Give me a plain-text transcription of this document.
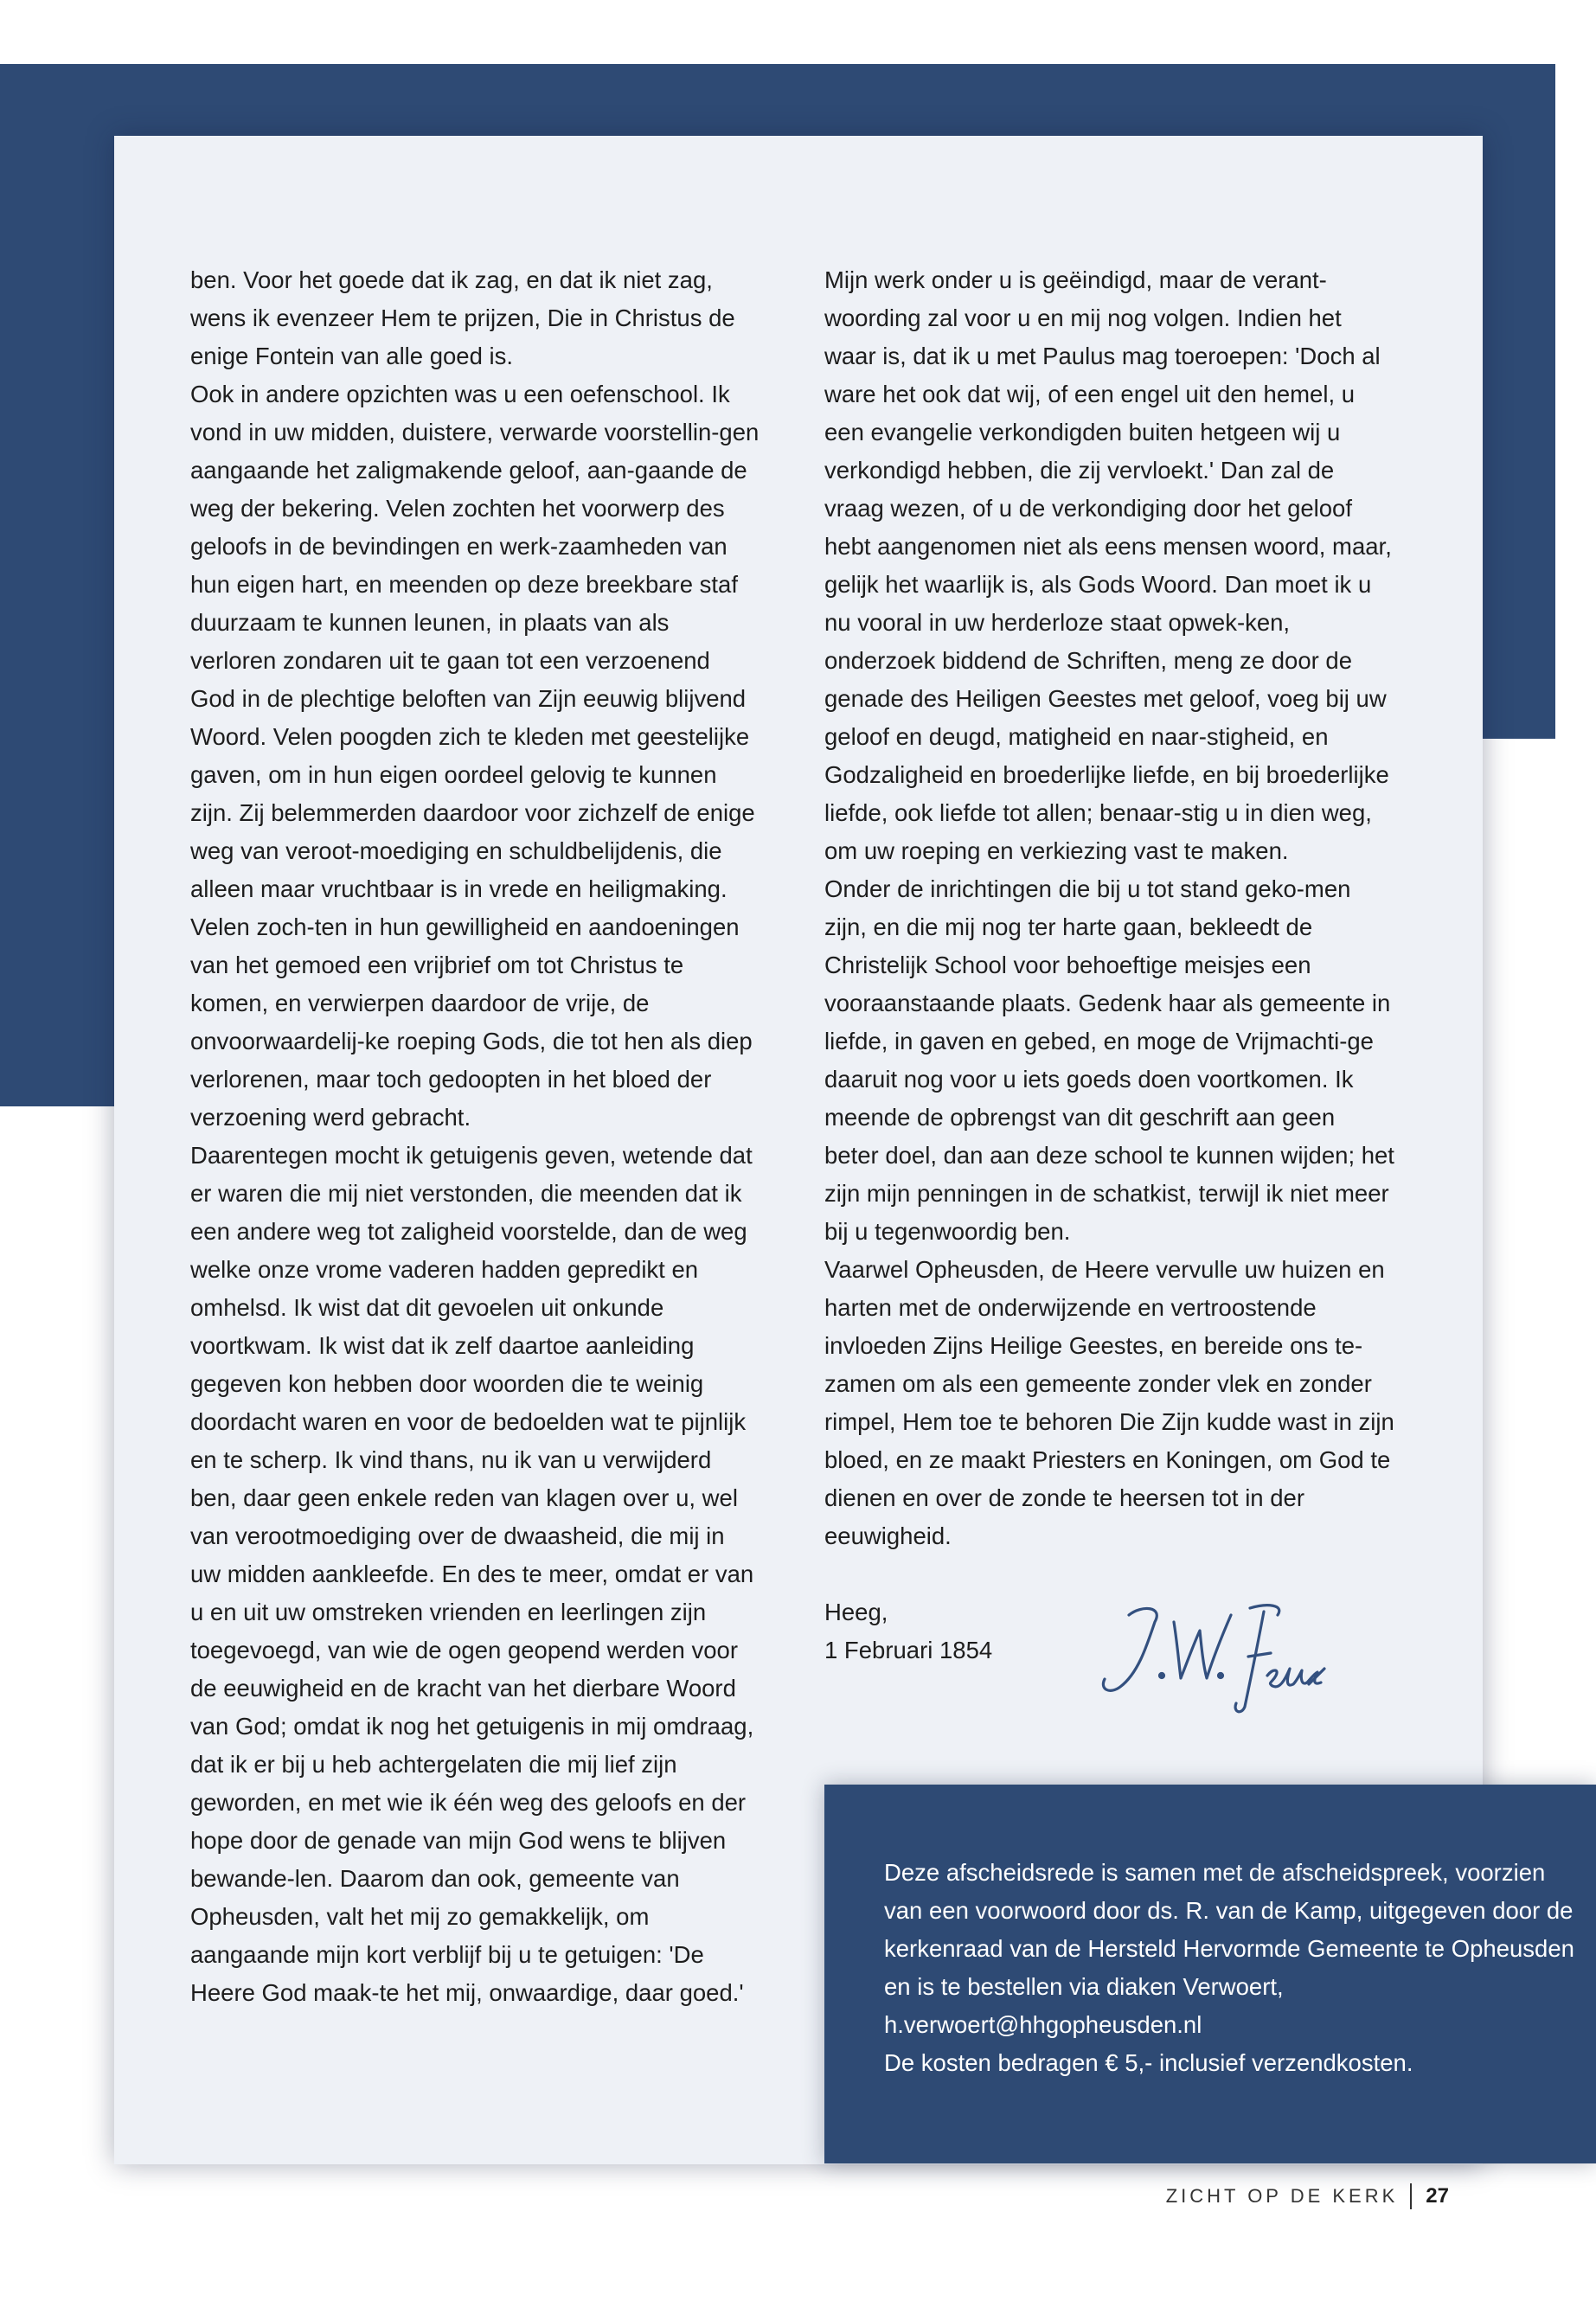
ben. Voor het goede dat ik zag, en dat ik niet zag, wens ik evenzeer Hem te prijzen, Die in Christus de enige Fontein van alle goed is.

Ook in andere opzichten was u een oefenschool. Ik vond in uw midden, duistere, verwarde voorstellin-gen aangaande het zaligmakende geloof, aan-gaande de weg der bekering. Velen zochten het voorwerp des geloofs in de bevindingen en werk-zaamheden van hun eigen hart, en meenden op deze breekbare staf duurzaam te kunnen leunen, in plaats van als verloren zondaren uit te gaan tot een verzoenend God in de plechtige beloften van Zijn eeuwig blijvend Woord. Velen poogden zich te kleden met geestelijke gaven, om in hun eigen oordeel gelovig te kunnen zijn. Zij belemmerden daardoor voor zichzelf de enige weg van veroot-moediging en schuldbelijdenis, die alleen maar vruchtbaar is in vrede en heiligmaking. Velen zoch-ten in hun gewilligheid en aandoeningen van het gemoed een vrijbrief om tot Christus te komen, en verwierpen daardoor de vrije, de onvoorwaardelij-ke roeping Gods, die tot hen als diep verlorenen, maar toch gedoopten in het bloed der verzoening werd gebracht.

Daarentegen mocht ik getuigenis geven, wetende dat er waren die mij niet verstonden, die meenden dat ik een andere weg tot zaligheid voorstelde, dan de weg welke onze vrome vaderen hadden gepredikt en omhelsd. Ik wist dat dit gevoelen uit onkunde voortkwam. Ik wist dat ik zelf daartoe aanleiding gegeven kon hebben door woorden die te weinig doordacht waren en voor de bedoelden wat te pijnlijk en te scherp. Ik vind thans, nu ik van u verwijderd ben, daar geen enkele reden van klagen over u, wel van verootmoediging over de dwaasheid, die mij in uw midden aankleefde. En des te meer, omdat er van u en uit uw omstreken vrienden en leerlingen zijn toegevoegd, van wie de ogen geopend werden voor de eeuwigheid en de kracht van het dierbare Woord van God; omdat ik nog het getuigenis in mij omdraag, dat ik er bij u heb achtergelaten die mij lief zijn geworden, en met wie ik één weg des geloofs en der hope door de genade van mijn God wens te blijven bewande-len. Daarom dan ook, gemeente van Opheusden, valt het mij zo gemakkelijk, om aangaande mijn kort verblijf bij u te getuigen: 'De Heere God maak-te het mij, onwaardige, daar goed.'

Mijn werk onder u is geëindigd, maar de verant-woording zal voor u en mij nog volgen. Indien het waar is, dat ik u met Paulus mag toeroepen: 'Doch al ware het ook dat wij, of een engel uit den hemel, u een evangelie verkondigden buiten hetgeen wij u verkondigd hebben, die zij vervloekt.' Dan zal de vraag wezen, of u de verkondiging door het geloof hebt aangenomen niet als eens mensen woord, maar, gelijk het waarlijk is, als Gods Woord. Dan moet ik u nu vooral in uw herderloze staat opwek-ken, onderzoek biddend de Schriften, meng ze door de genade des Heiligen Geestes met geloof, voeg bij uw geloof en deugd, matigheid en naar-stigheid, en Godzaligheid en broederlijke liefde, en bij broederlijke liefde, ook liefde tot allen; benaar-stig u in dien weg, om uw roeping en verkiezing vast te maken.

Onder de inrichtingen die bij u tot stand geko-men zijn, en die mij nog ter harte gaan, bekleedt de Christelijk School voor behoeftige meisjes een vooraanstaande plaats. Gedenk haar als gemeente in liefde, in gaven en gebed, en moge de Vrijmachti-ge daaruit nog voor u iets goeds doen voortkomen. Ik meende de opbrengst van dit geschrift aan geen beter doel, dan aan deze school te kunnen wijden; het zijn mijn penningen in de schatkist, terwijl ik niet meer bij u tegenwoordig ben.

Vaarwel Opheusden, de Heere vervulle uw huizen en harten met de onderwijzende en vertroostende invloeden Zijns Heilige Geestes, en bereide ons te-zamen om als een gemeente zonder vlek en zonder rimpel, Hem toe te behoren Die Zijn kudde wast in zijn bloed, en ze maakt Priesters en Koningen, om God te dienen en over de zonde te heersen tot in der eeuwigheid.

Heeg,

1 Februari 1854

Deze afscheidsrede is samen met de afscheidspreek, voorzien van een voorwoord door ds. R. van de Kamp, uitgegeven door de kerkenraad van de Hersteld Hervormde Gemeente te Opheusden en is te bestellen via diaken Verwoert, h.verwoert@hhgopheusden.nl

De kosten bedragen € 5,- inclusief verzendkosten.

ZICHT OP DE KERK 27
